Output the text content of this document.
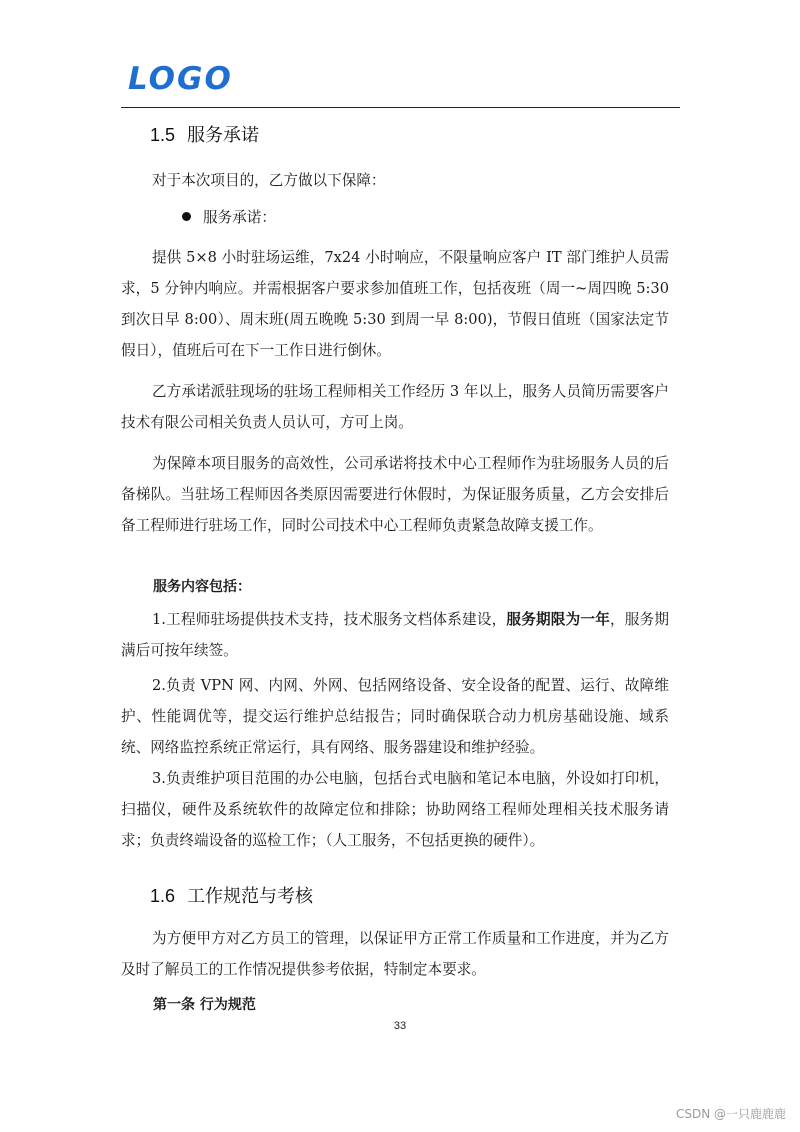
LOGO
1.5 服务承诺

对于本次项目的，乙方做以下保障：

服务承诺：

提供 5×8 小时驻场运维，7x24 小时响应，不限量响应客户 IT 部门维护人员需求，5 分钟内响应。并需根据客户要求参加值班工作，包括夜班（周一~周四晚 5:30 到次日早 8:00）、周末班(周五晚晚 5:30 到周一早 8:00)，节假日值班（国家法定节假日），值班后可在下一工作日进行倒休。

乙方承诺派驻现场的驻场工程师相关工作经历 3 年以上，服务人员简历需要客户技术有限公司相关负责人员认可，方可上岗。

为保障本项目服务的高效性，公司承诺将技术中心工程师作为驻场服务人员的后备梯队。当驻场工程师因各类原因需要进行休假时，为保证服务质量，乙方会安排后备工程师进行驻场工作，同时公司技术中心工程师负责紧急故障支援工作。

服务内容包括：

1.工程师驻场提供技术支持，技术服务文档体系建设，服务期限为一年，服务期满后可按年续签。

2.负责 VPN 网、内网、外网、包括网络设备、安全设备的配置、运行、故障维护、性能调优等，提交运行维护总结报告；同时确保联合动力机房基础设施、域系统、网络监控系统正常运行，具有网络、服务器建设和维护经验。

3.负责维护项目范围的办公电脑，包括台式电脑和笔记本电脑，外设如打印机，扫描仪，硬件及系统软件的故障定位和排除；协助网络工程师处理相关技术服务请求；负责终端设备的巡检工作；（人工服务，不包括更换的硬件）。

1.6 工作规范与考核

为方便甲方对乙方员工的管理，以保证甲方正常工作质量和工作进度，并为乙方及时了解员工的工作情况提供参考依据，特制定本要求。

第一条 行为规范

33
CSDN @一只鹿鹿鹿
